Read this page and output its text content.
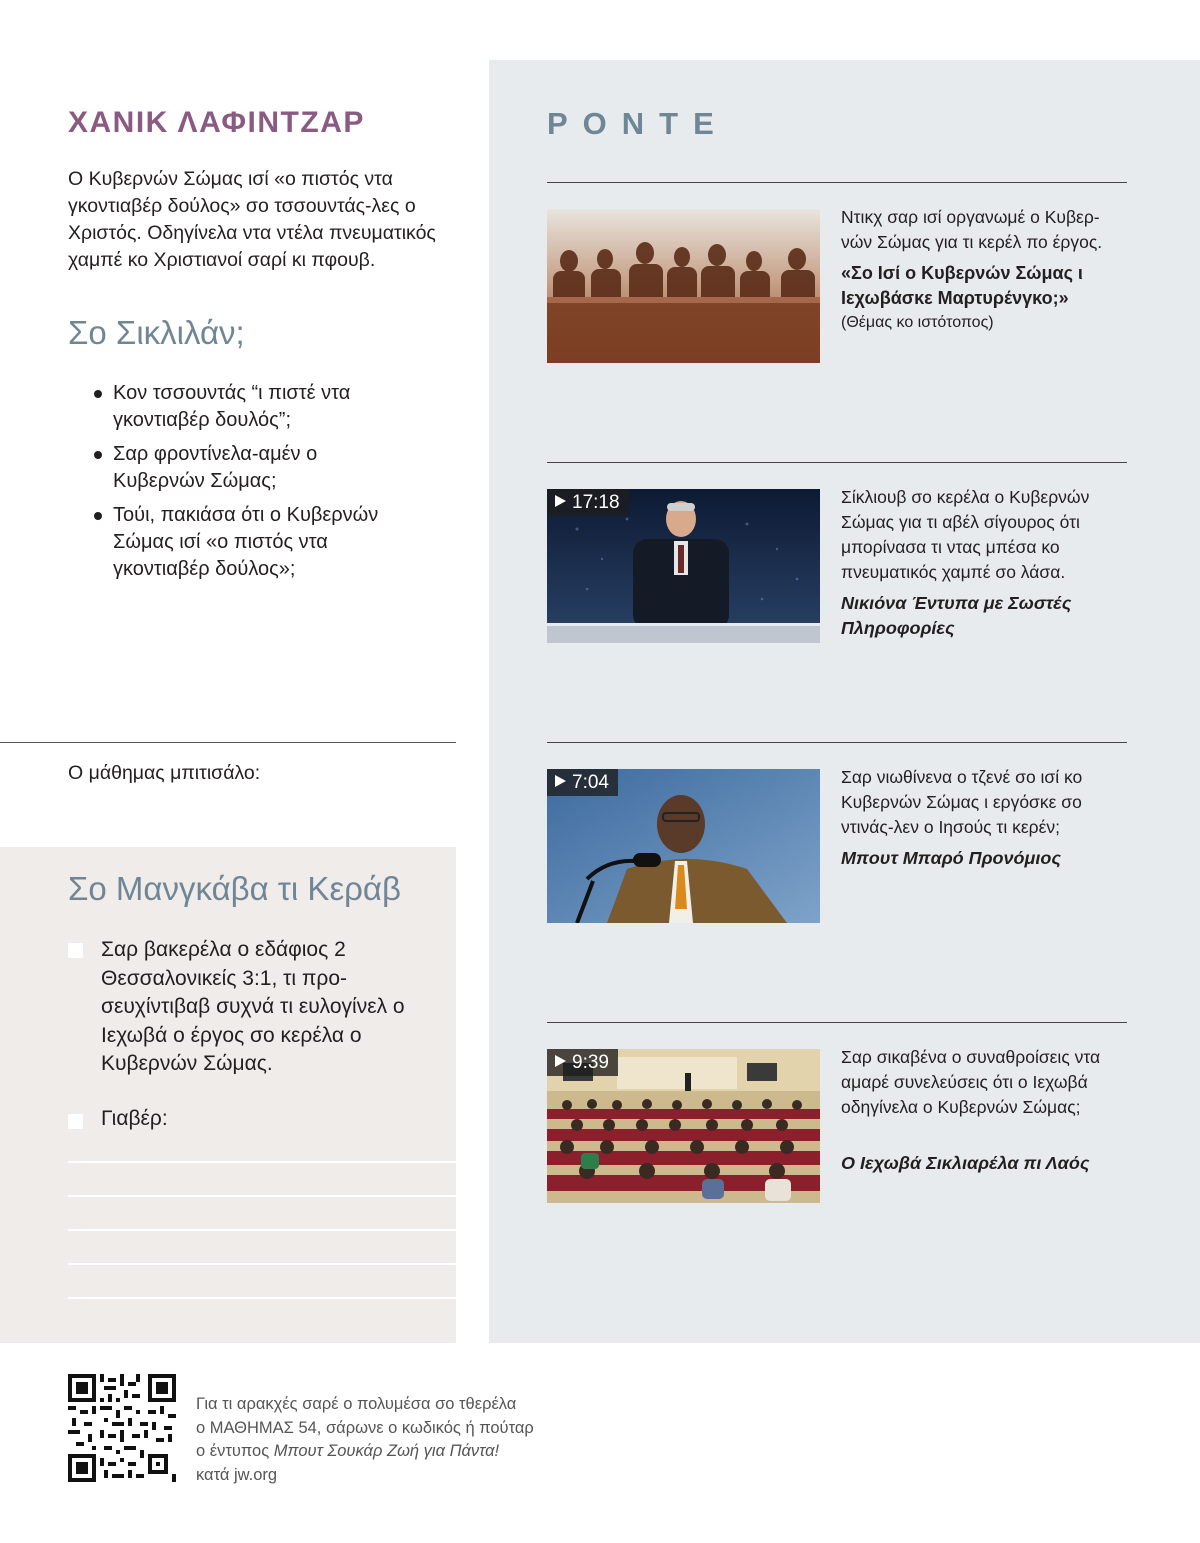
ΧΑΝΙΚ ΛΑΦΙΝΤΖΑΡ
Ο Κυβερνών Σώμας ισί «ο πιστός ντα γκοντιαβέρ δούλος» σο τσσουντάς-λες ο Χριστός. Οδηγίνελα ντα ντέλα πνευματικός χαμπέ κο Χριστιανοί σαρί κι πφουβ.
Σο Σικλιλάν;
Κον τσσουντάς “ι πιστέ ντα γκοντιαβέρ δουλός”;
Σαρ φροντίνελα-αμέν ο Κυβερνών Σώμας;
Τούι, πακιάσα ότι ο Κυβερνών Σώμας ισί «ο πιστός ντα γκοντιαβέρ δούλος»;
Ο μάθημας μπιτισάλο:
Σο Μανγκάβα τι Κεράβ
Σαρ βακερέλα ο εδάφιος 2 Θεσσαλονικείς 3:1, τι προσευχίντιβαβ συχνά τι ευλογίνελ ο Ιεχωβά ο έργος σο κερέλα ο Κυβερνών Σώμας.
Γιαβέρ:
ΡΟΝΤΕ
Ντικχ σαρ ισί οργανωμέ ο Κυβερνών Σώμας για τι κερέλ πο έργος.
«Σο Ισί ο Κυβερνών Σώμας ι Ιεχωβάσκε Μαρτυρένγκο;»
(Θέμας κο ιστότοπος)
17:18	Σίκλιουβ σο κερέλα ο Κυβερνών Σώμας για τι αβέλ σίγουρος ότι μπορίνασα τι ντας μπέσα κο πνευματικός χαμπέ σο λάσα.
Νικιόνα Έντυπα με Σωστές Πληροφορίες
7:04	Σαρ νιωθίνενα ο τζενέ σο ισί κο Κυβερνών Σώμας ι εργόσκε σο ντινάς-λεν ο Ιησούς τι κερέν;
Μπουτ Μπαρό Προνόμιος
9:39	Σαρ σικαβένα ο συναθροίσεις ντα αμαρέ συνελεύσεις ότι ο Ιεχωβά οδηγίνελα ο Κυβερνών Σώμας;
Ο Ιεχωβά Σικλιαρέλα πι Λαός
Για τι αρακχές σαρέ ο πολυμέσα σο τθερέλα
ο ΜΑΘΗΜΑΣ 54, σάρωνε ο κωδικός ή πούταρ
ο έντυπος Μπουτ Σουκάρ Ζωή για Πάντα!
κατά jw.org
